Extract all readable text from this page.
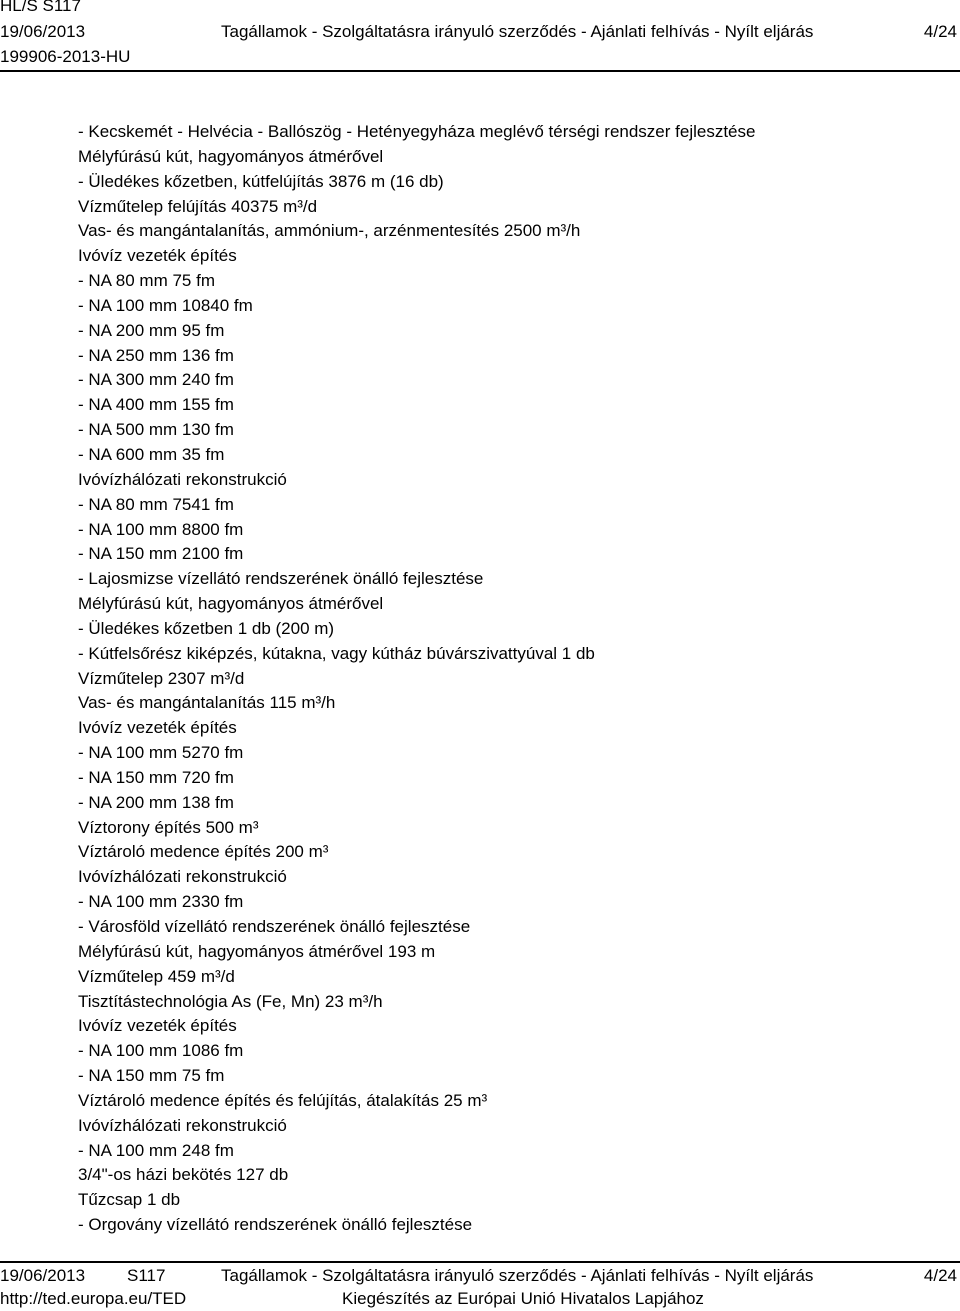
HL/S S117
19/06/2013	Tagállamok - Szolgáltatásra irányuló szerződés - Ajánlati felhívás - Nyílt eljárás	4/24
199906-2013-HU
- Kecskemét - Helvécia - Ballószög - Hetényegyháza meglévő térségi rendszer fejlesztése
Mélyfúrású kút, hagyományos átmérővel
- Üledékes kőzetben, kútfelújítás 3876 m (16 db)
Vízműtelep felújítás 40375 m³/d
Vas- és mangántalanítás, ammónium-, arzénmentesítés 2500 m³/h
Ivóvíz vezeték építés
- NA 80 mm 75 fm
- NA 100 mm 10840 fm
- NA 200 mm 95 fm
- NA 250 mm 136 fm
- NA 300 mm 240 fm
- NA 400 mm 155 fm
- NA 500 mm 130 fm
- NA 600 mm 35 fm
Ivóvízhálózati rekonstrukció
- NA 80 mm 7541 fm
- NA 100 mm 8800 fm
- NA 150 mm 2100 fm
- Lajosmizse vízellátó rendszerének önálló fejlesztése
Mélyfúrású kút, hagyományos átmérővel
- Üledékes kőzetben 1 db (200 m)
- Kútfelsőrész kiképzés, kútakna, vagy kútház búvárszivattyúval 1 db
Vízműtelep 2307 m³/d
Vas- és mangántalanítás 115 m³/h
Ivóvíz vezeték építés
- NA 100 mm 5270 fm
- NA 150 mm 720 fm
- NA 200 mm 138 fm
Víztorony építés 500 m³
Víztároló medence építés 200 m³
Ivóvízhálózati rekonstrukció
- NA 100 mm 2330 fm
- Városföld vízellátó rendszerének önálló fejlesztése
Mélyfúrású kút, hagyományos átmérővel 193 m
Vízműtelep 459 m³/d
Tisztítástechnológia As (Fe, Mn) 23 m³/h
Ivóvíz vezeték építés
- NA 100 mm 1086 fm
- NA 150 mm 75 fm
Víztároló medence építés és felújítás, átalakítás 25 m³
Ivóvízhálózati rekonstrukció
- NA 100 mm 248 fm
3/4"-os házi bekötés 127 db
Tűzcsap 1 db
- Orgovány vízellátó rendszerének önálló fejlesztése
19/06/2013 S117	Tagállamok - Szolgáltatásra irányuló szerződés - Ajánlati felhívás - Nyílt eljárás	4/24
http://ted.europa.eu/TED	Kiegészítés az Európai Unió Hivatalos Lapjához
